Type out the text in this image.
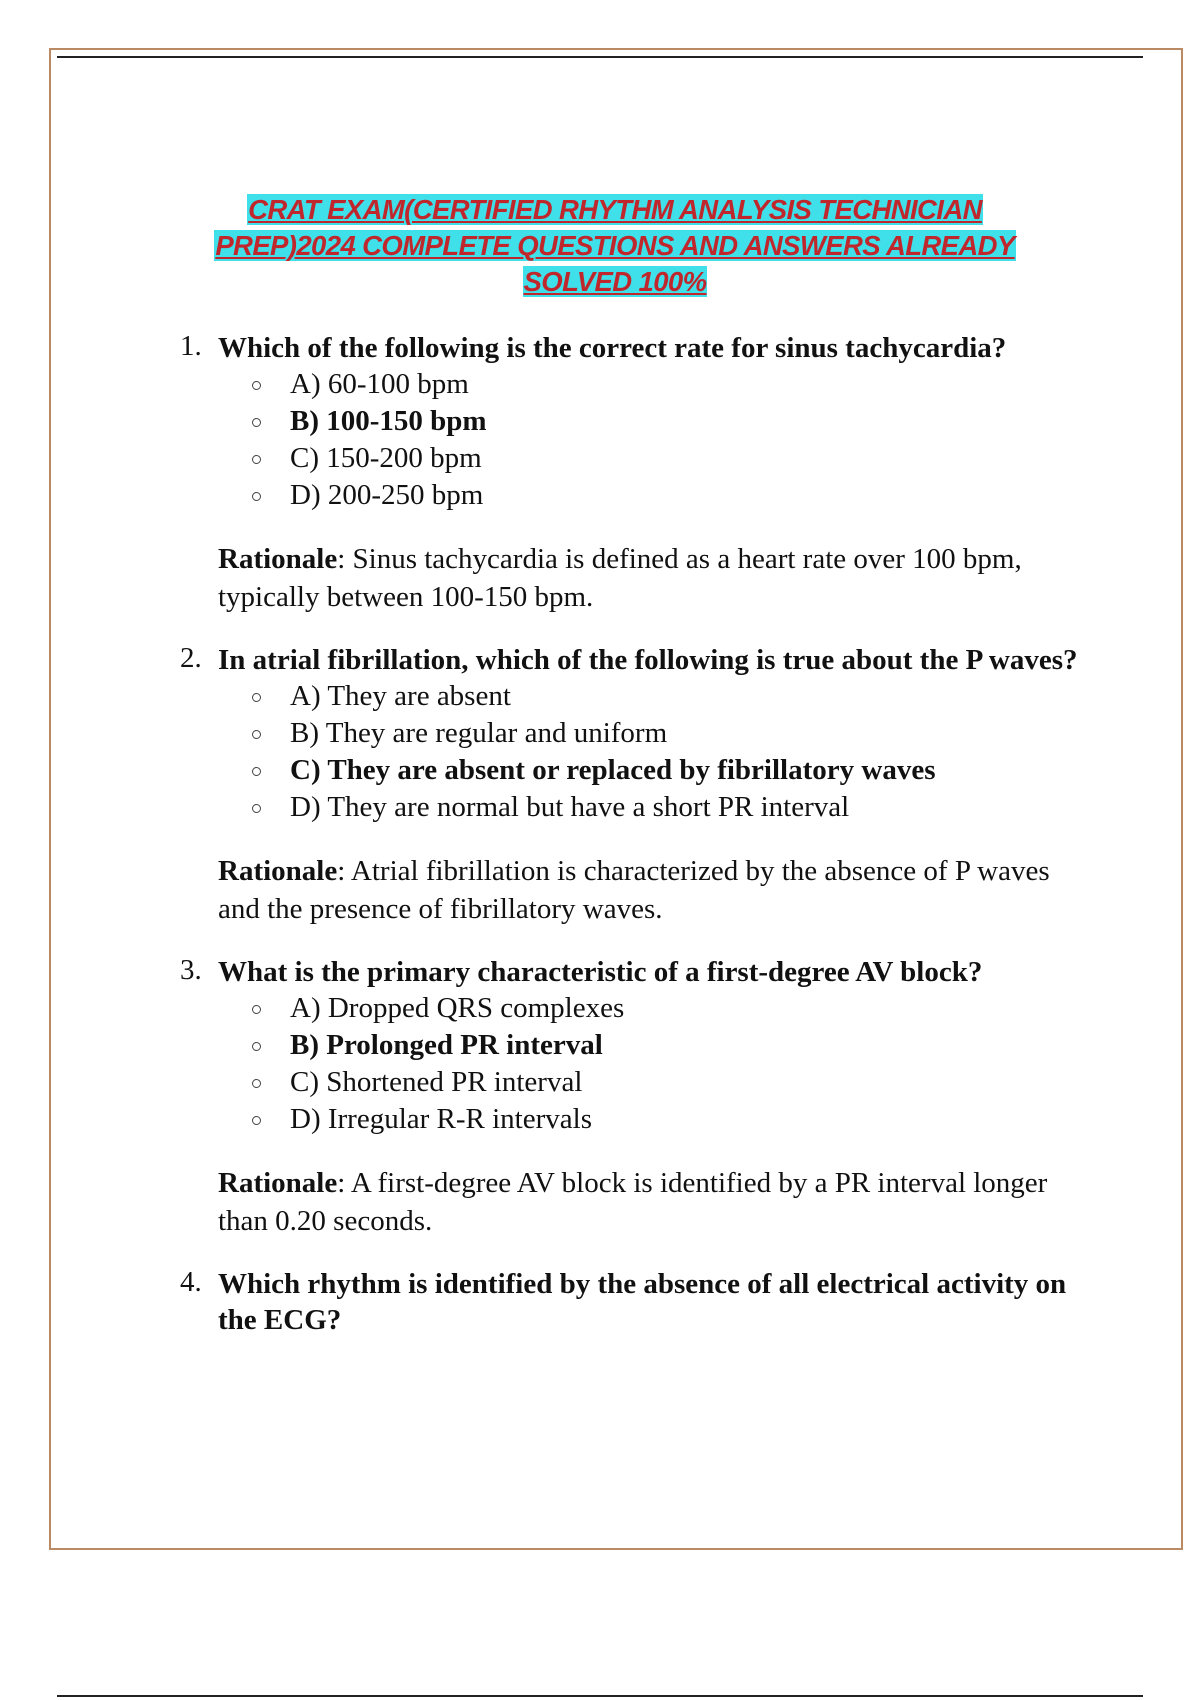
CRAT EXAM(CERTIFIED RHYTHM ANALYSIS TECHNICIAN
PREP)2024 COMPLETE QUESTIONS AND ANSWERS ALREADY
SOLVED 100%
1. Which of the following is the correct rate for sinus tachycardia?
A) 60-100 bpm
B) 100-150 bpm
C) 150-200 bpm
D) 200-250 bpm
Rationale: Sinus tachycardia is defined as a heart rate over 100 bpm, typically between 100-150 bpm.
2. In atrial fibrillation, which of the following is true about the P waves?
A) They are absent
B) They are regular and uniform
C) They are absent or replaced by fibrillatory waves
D) They are normal but have a short PR interval
Rationale: Atrial fibrillation is characterized by the absence of P waves and the presence of fibrillatory waves.
3. What is the primary characteristic of a first-degree AV block?
A) Dropped QRS complexes
B) Prolonged PR interval
C) Shortened PR interval
D) Irregular R-R intervals
Rationale: A first-degree AV block is identified by a PR interval longer than 0.20 seconds.
4. Which rhythm is identified by the absence of all electrical activity on the ECG?
